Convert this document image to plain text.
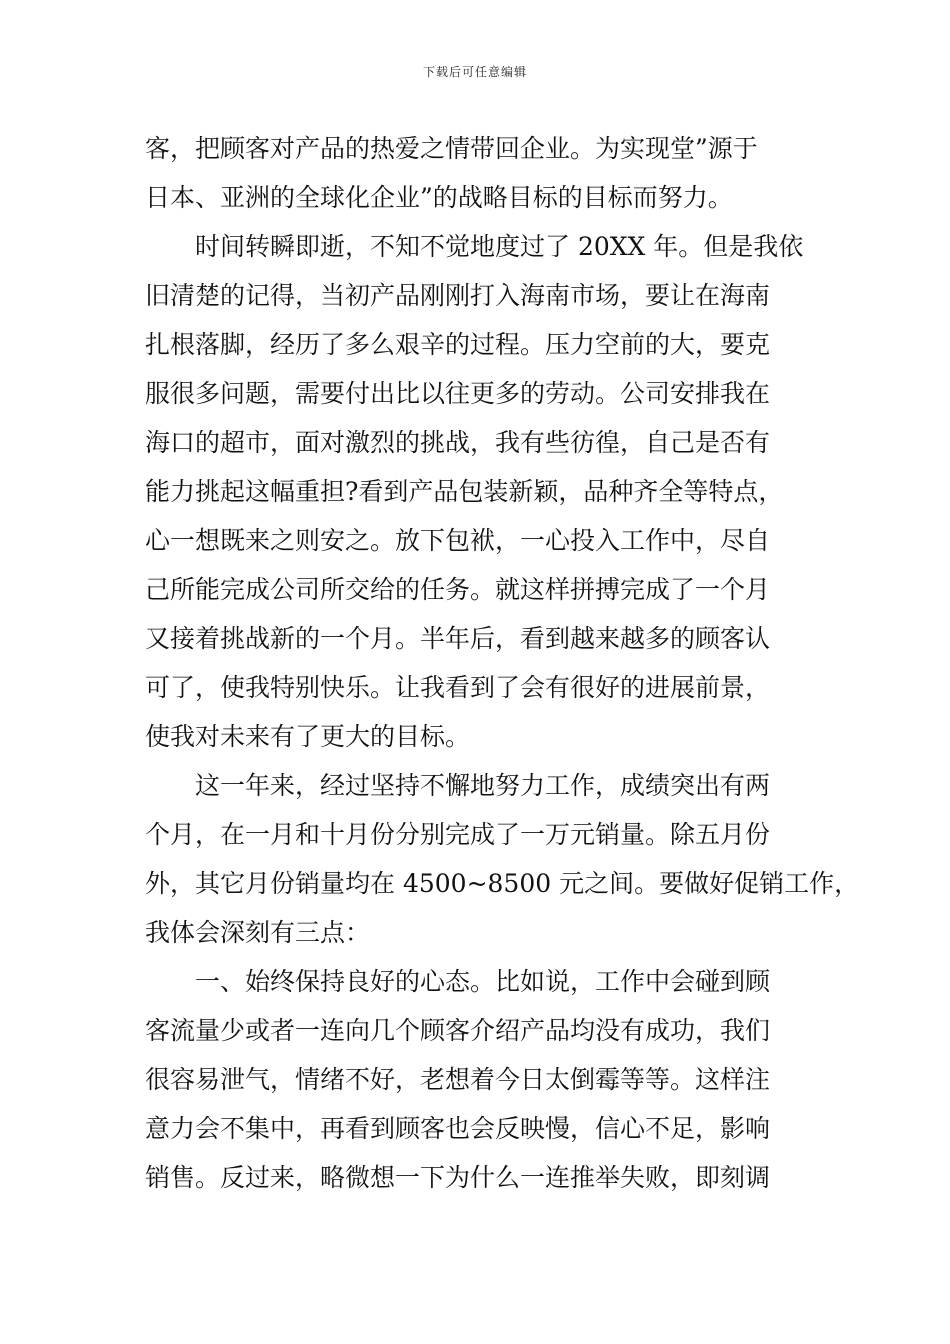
下载后可任意编辑
客，把顾客对产品的热爱之情带回企业。为实现堂”源于
日本、亚洲的全球化企业”的战略目标的目标而努力。
时间转瞬即逝，不知不觉地度过了 20XX 年。但是我依
旧清楚的记得，当初产品刚刚打入海南市场，要让在海南
扎根落脚，经历了多么艰辛的过程。压力空前的大，要克
服很多问题，需要付出比以往更多的劳动。公司安排我在
海口的超市，面对激烈的挑战，我有些彷徨，自己是否有
能力挑起这幅重担?看到产品包装新颖，品种齐全等特点，
心一想既来之则安之。放下包袱，一心投入工作中，尽自
己所能完成公司所交给的任务。就这样拼搏完成了一个月
又接着挑战新的一个月。半年后，看到越来越多的顾客认
可了，使我特别快乐。让我看到了会有很好的进展前景，
使我对未来有了更大的目标。
这一年来，经过坚持不懈地努力工作，成绩突出有两
个月，在一月和十月份分别完成了一万元销量。除五月份
外，其它月份销量均在 4500~8500 元之间。要做好促销工作，
我体会深刻有三点：
一、始终保持良好的心态。比如说，工作中会碰到顾
客流量少或者一连向几个顾客介绍产品均没有成功，我们
很容易泄气，情绪不好，老想着今日太倒霉等等。这样注
意力会不集中，再看到顾客也会反映慢，信心不足，影响
销售。反过来，略微想一下为什么一连推举失败，即刻调
